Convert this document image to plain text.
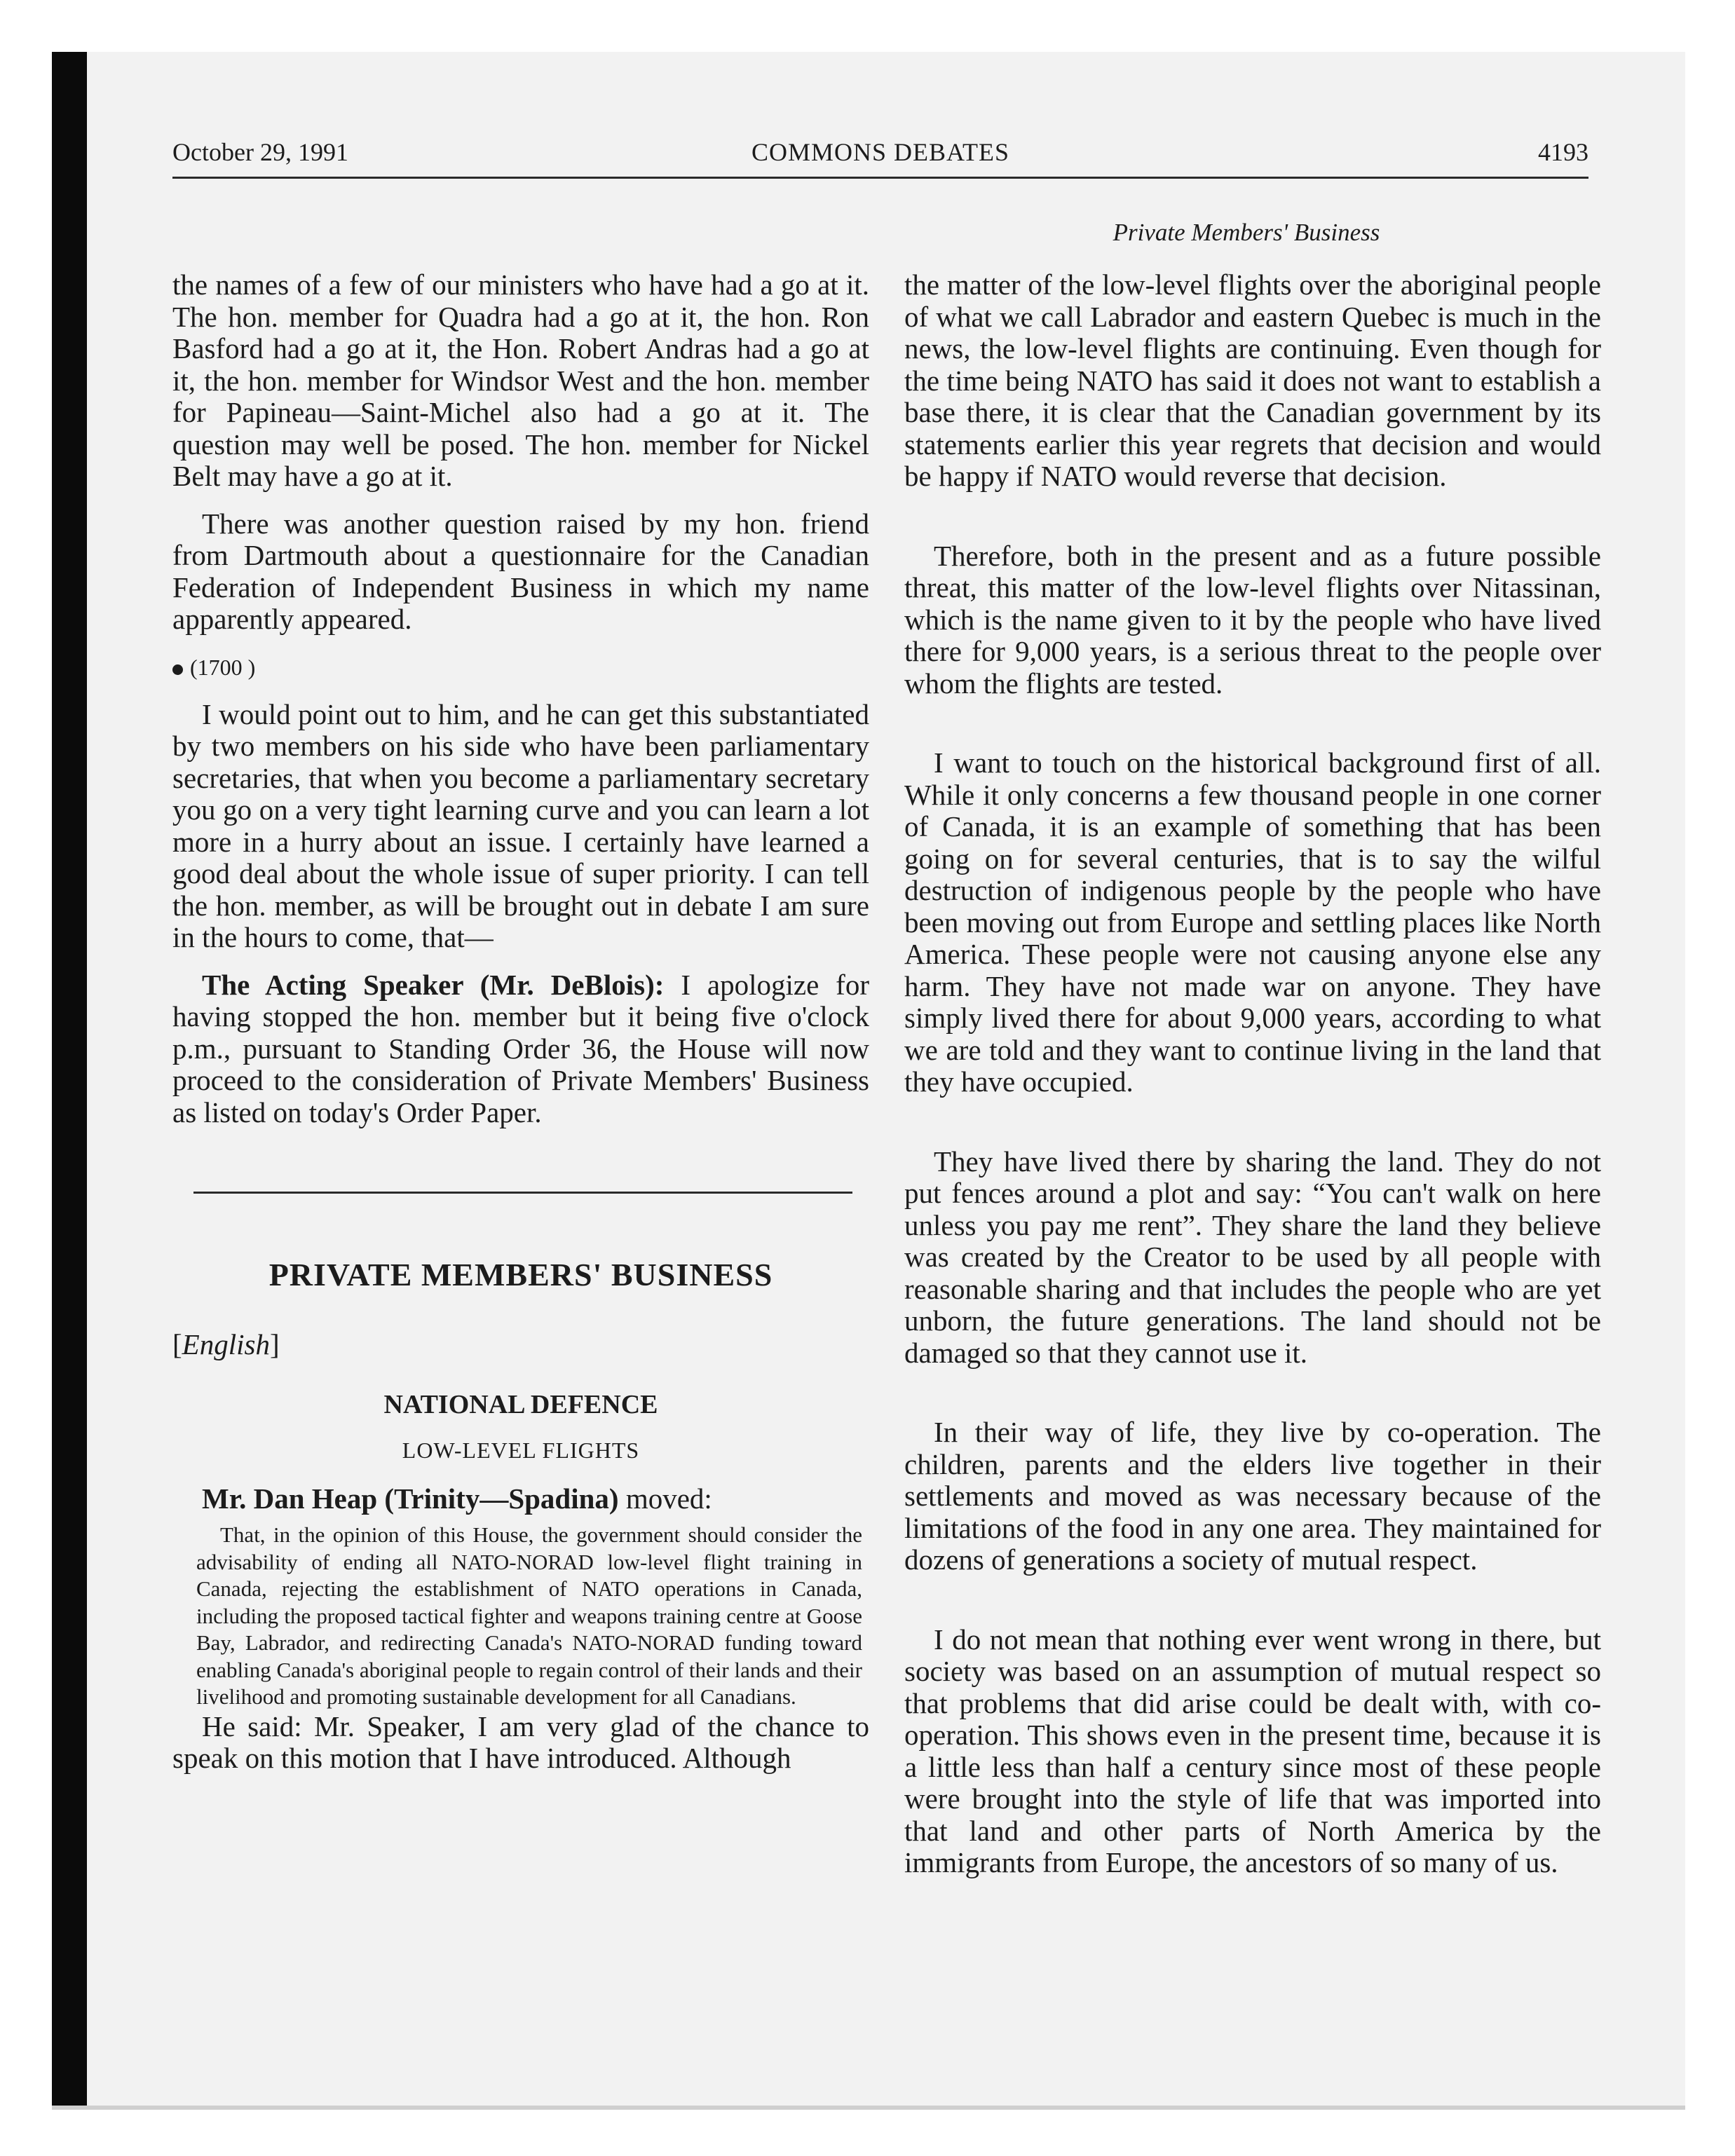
October 29, 1991	COMMONS DEBATES	4193
Private Members' Business

the names of a few of our ministers who have had a go at it. The hon. member for Quadra had a go at it, the hon. Ron Basford had a go at it, the Hon. Robert Andras had a go at it, the hon. member for Windsor West and the hon. member for Papineau—Saint-Michel also had a go at it. The question may well be posed. The hon. member for Nickel Belt may have a go at it.

There was another question raised by my hon. friend from Dartmouth about a questionnaire for the Canadian Federation of Independent Business in which my name apparently appeared.

(1700 )

I would point out to him, and he can get this substantiated by two members on his side who have been parliamentary secretaries, that when you become a parliamentary secretary you go on a very tight learning curve and you can learn a lot more in a hurry about an issue. I certainly have learned a good deal about the whole issue of super priority. I can tell the hon. member, as will be brought out in debate I am sure in the hours to come, that—

The Acting Speaker (Mr. DeBlois): I apologize for having stopped the hon. member but it being five o'clock p.m., pursuant to Standing Order 36, the House will now proceed to the consideration of Private Members' Business as listed on today's Order Paper.

PRIVATE MEMBERS' BUSINESS
[English]
NATIONAL DEFENCE
LOW-LEVEL FLIGHTS
Mr. Dan Heap (Trinity—Spadina) moved:
That, in the opinion of this House, the government should consider the advisability of ending all NATO-NORAD low-level flight training in Canada, rejecting the establishment of NATO operations in Canada, including the proposed tactical fighter and weapons training centre at Goose Bay, Labrador, and redirecting Canada's NATO-NORAD funding toward enabling Canada's aboriginal people to regain control of their lands and their livelihood and promoting sustainable development for all Canadians.

He said: Mr. Speaker, I am very glad of the chance to speak on this motion that I have introduced. Although

the matter of the low-level flights over the aboriginal people of what we call Labrador and eastern Quebec is much in the news, the low-level flights are continuing. Even though for the time being NATO has said it does not want to establish a base there, it is clear that the Canadian government by its statements earlier this year regrets that decision and would be happy if NATO would reverse that decision.

Therefore, both in the present and as a future possible threat, this matter of the low-level flights over Nitassinan, which is the name given to it by the people who have lived there for 9,000 years, is a serious threat to the people over whom the flights are tested.

I want to touch on the historical background first of all. While it only concerns a few thousand people in one corner of Canada, it is an example of something that has been going on for several centuries, that is to say the wilful destruction of indigenous people by the people who have been moving out from Europe and settling places like North America. These people were not causing anyone else any harm. They have not made war on anyone. They have simply lived there for about 9,000 years, according to what we are told and they want to continue living in the land that they have occupied.

They have lived there by sharing the land. They do not put fences around a plot and say: “You can't walk on here unless you pay me rent”. They share the land they believe was created by the Creator to be used by all people with reasonable sharing and that includes the people who are yet unborn, the future generations. The land should not be damaged so that they cannot use it.

In their way of life, they live by co-operation. The children, parents and the elders live together in their settlements and moved as was necessary because of the limitations of the food in any one area. They maintained for dozens of generations a society of mutual respect.

I do not mean that nothing ever went wrong in there, but society was based on an assumption of mutual respect so that problems that did arise could be dealt with, with co-operation. This shows even in the present time, because it is a little less than half a century since most of these people were brought into the style of life that was imported into that land and other parts of North America by the immigrants from Europe, the ancestors of so many of us.
